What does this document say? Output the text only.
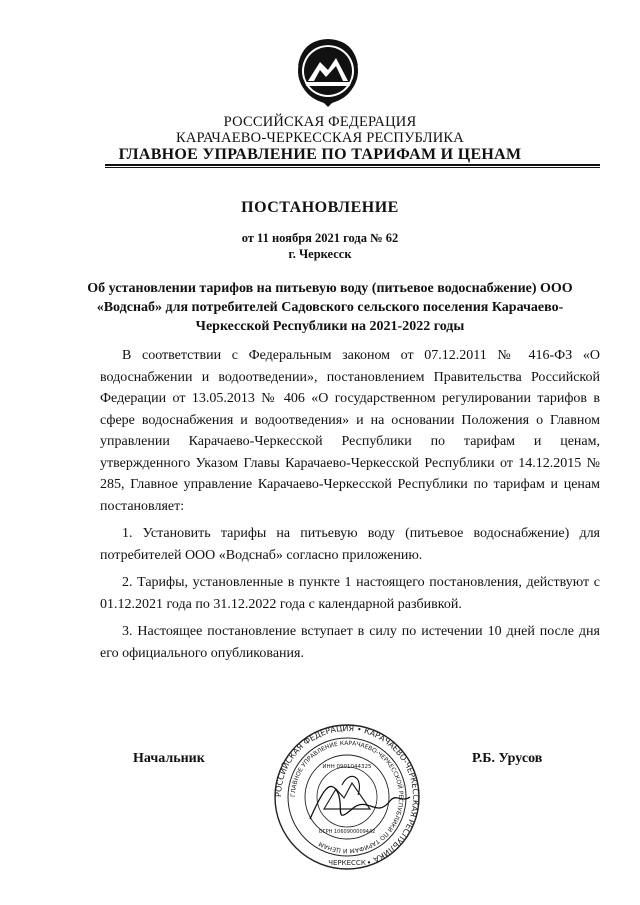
РОССИЙСКАЯ ФЕДЕРАЦИЯ
КАРАЧАЕВО-ЧЕРКЕССКАЯ РЕСПУБЛИКА
ГЛАВНОЕ УПРАВЛЕНИЕ ПО ТАРИФАМ И ЦЕНАМ
ПОСТАНОВЛЕНИЕ
от 11 ноября 2021 года № 62
г. Черкесск
Об установлении тарифов на питьевую воду (питьевое водоснабжение) ООО «Водснаб» для потребителей Садовского сельского поселения Карачаево-Черкесской Республики на 2021-2022 годы

В соответствии с Федеральным законом от 07.12.2011 № 416-ФЗ «О водоснабжении и водоотведении», постановлением Правительства Российской Федерации от 13.05.2013 № 406 «О государственном регулировании тарифов в сфере водоснабжения и водоотведения» и на основании Положения о Главном управлении Карачаево-Черкесской Республики по тарифам и ценам, утвержденного Указом Главы Карачаево-Черкесской Республики от 14.12.2015 № 285, Главное управление Карачаево-Черкесской Республики по тарифам и ценам постановляет:

1. Установить тарифы на питьевую воду (питьевое водоснабжение) для потребителей ООО «Водснаб» согласно приложению.

2. Тарифы, установленные в пункте 1 настоящего постановления, действуют с 01.12.2021 года по 31.12.2022 года с календарной разбивкой.

3. Настоящее постановление вступает в силу по истечении 10 дней после дня его официального опубликования.

Начальник	Р.Б. Урусов
РОССИЙСКАЯ ФЕДЕРАЦИЯ • КАРАЧАЕВО-ЧЕРКЕССКАЯ РЕСПУБЛИКА •
ГЛАВНОЕ УПРАВЛЕНИЕ КАРАЧАЕВО-ЧЕРКЕССКОЙ РЕСПУБЛИКИ ПО ТАРИФАМ И ЦЕНАМ
ИНН 0901044325
ОГРН 1060900009442
ЧЕРКЕССК
